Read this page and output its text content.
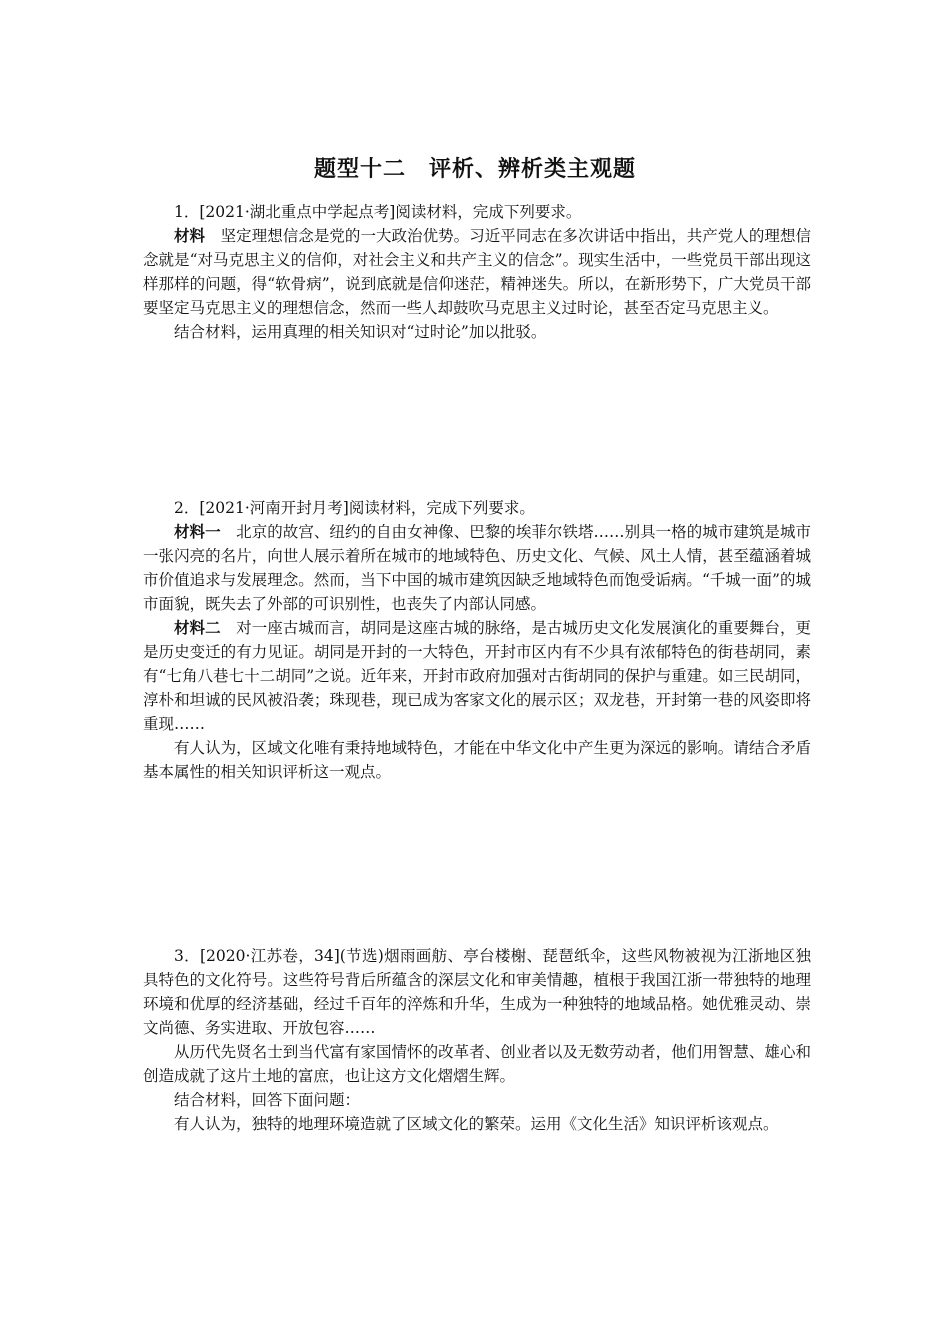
题型十二　评析、辨析类主观题

1．[2021·湖北重点中学起点考]阅读材料，完成下列要求。

材料　坚定理想信念是党的一大政治优势。习近平同志在多次讲话中指出，共产党人的理想信念就是“对马克思主义的信仰，对社会主义和共产主义的信念”。现实生活中，一些党员干部出现这样那样的问题，得“软骨病”，说到底就是信仰迷茫，精神迷失。所以，在新形势下，广大党员干部要坚定马克思主义的理想信念，然而一些人却鼓吹马克思主义过时论，甚至否定马克思主义。

结合材料，运用真理的相关知识对“过时论”加以批驳。

2．[2021·河南开封月考]阅读材料，完成下列要求。

材料一　北京的故宫、纽约的自由女神像、巴黎的埃菲尔铁塔……别具一格的城市建筑是城市一张闪亮的名片，向世人展示着所在城市的地域特色、历史文化、气候、风土人情，甚至蕴涵着城市价值追求与发展理念。然而，当下中国的城市建筑因缺乏地域特色而饱受诟病。“千城一面”的城市面貌，既失去了外部的可识别性，也丧失了内部认同感。

材料二　对一座古城而言，胡同是这座古城的脉络，是古城历史文化发展演化的重要舞台，更是历史变迁的有力见证。胡同是开封的一大特色，开封市区内有不少具有浓郁特色的街巷胡同，素有“七角八巷七十二胡同”之说。近年来，开封市政府加强对古街胡同的保护与重建。如三民胡同，淳朴和坦诚的民风被沿袭；珠现巷，现已成为客家文化的展示区；双龙巷，开封第一巷的风姿即将重现……

有人认为，区域文化唯有秉持地域特色，才能在中华文化中产生更为深远的影响。请结合矛盾基本属性的相关知识评析这一观点。

3．[2020·江苏卷，34](节选)烟雨画舫、亭台楼榭、琵琶纸伞，这些风物被视为江浙地区独具特色的文化符号。这些符号背后所蕴含的深层文化和审美情趣，植根于我国江浙一带独特的地理环境和优厚的经济基础，经过千百年的淬炼和升华，生成为一种独特的地域品格。她优雅灵动、崇文尚德、务实进取、开放包容……

从历代先贤名士到当代富有家国情怀的改革者、创业者以及无数劳动者，他们用智慧、雄心和创造成就了这片土地的富庶，也让这方文化熠熠生辉。

结合材料，回答下面问题：

有人认为，独特的地理环境造就了区域文化的繁荣。运用《文化生活》知识评析该观点。
